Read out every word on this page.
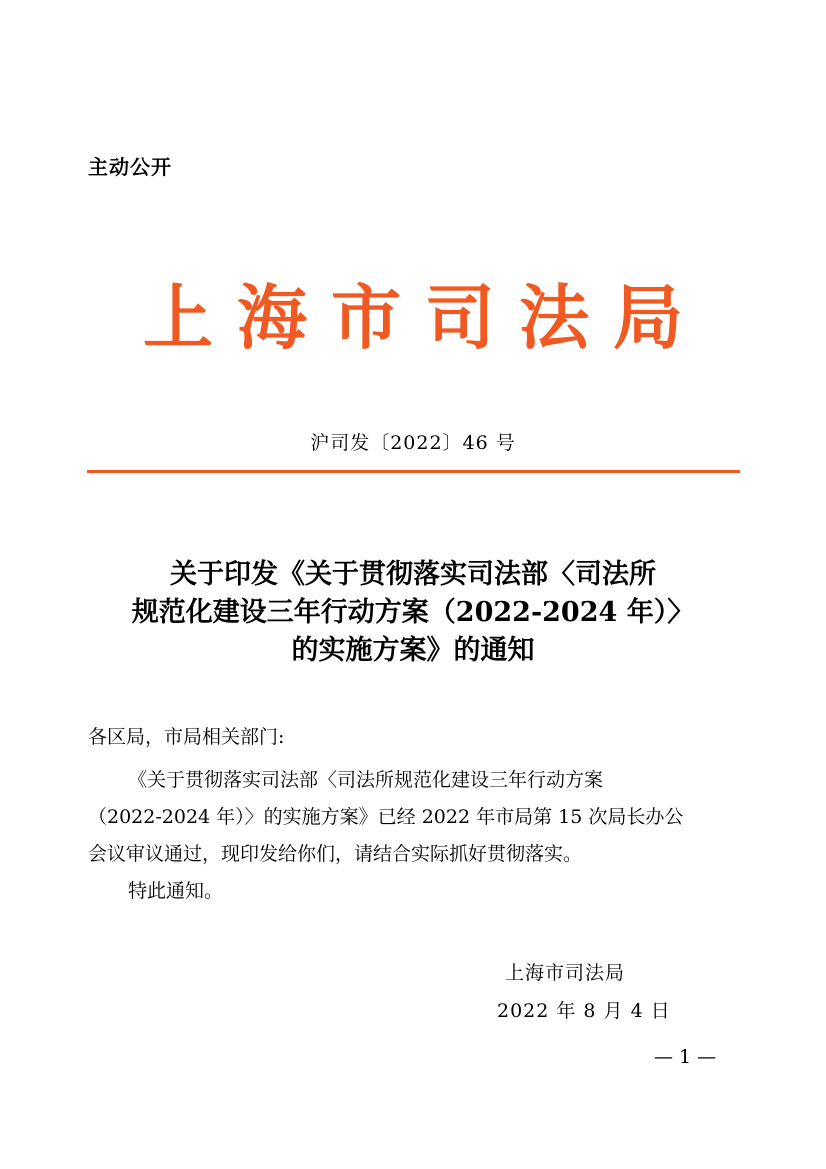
主动公开
上海市司法局
沪司发〔2022〕46 号
关于印发《关于贯彻落实司法部〈司法所
规范化建设三年行动方案（2022-2024 年）〉
的实施方案》的通知
各区局，市局相关部门:
《关于贯彻落实司法部〈司法所规范化建设三年行动方案
（2022-2024 年）〉的实施方案》已经 2022 年市局第 15 次局长办公
会议审议通过，现印发给你们，请结合实际抓好贯彻落实。
特此通知。
上海市司法局
2022 年 8 月 4 日
— 1 —
